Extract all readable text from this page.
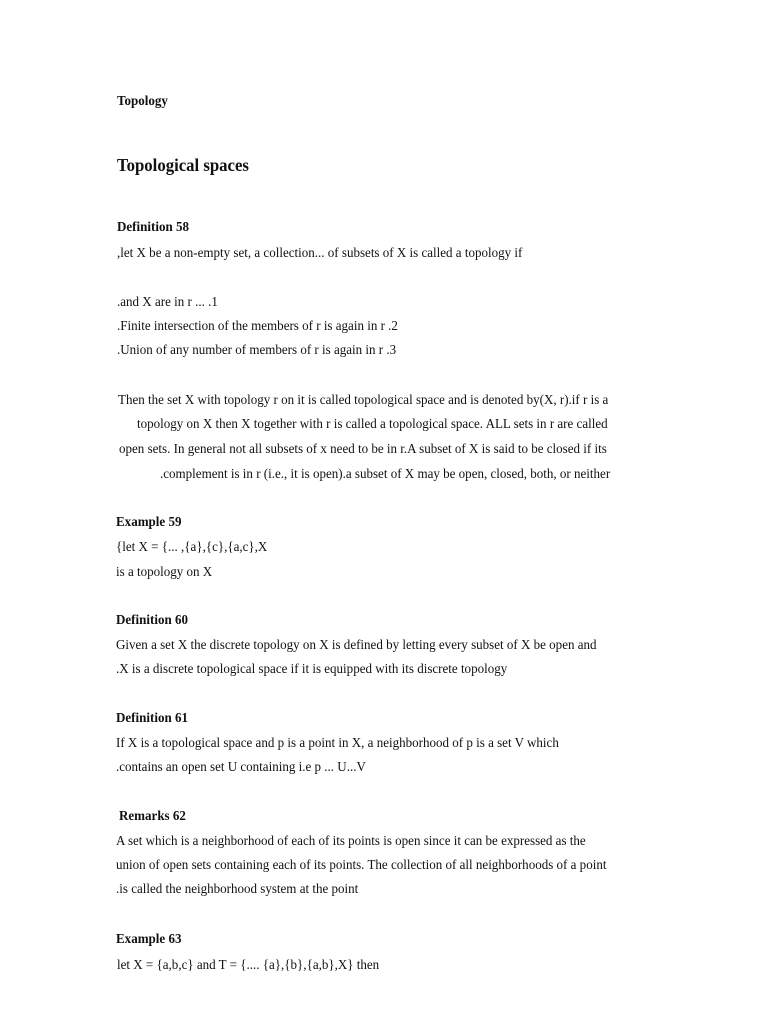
Topology

Topological spaces

Definition 58

,let X be a non-empty set, a collection... of subsets of X is called a topology if

.and X are in r ... .1

.Finite intersection of the members of r is again in r .2

.Union of any number of members of r is again in r .3

Then the set X with topology r on it is called topological space and is denoted by(X, r).if r is a

topology on X then X together with r is called a topological space. ALL sets in r are called

open sets. In general not all subsets of x need to be in r.A subset of X is said to be closed if its

.complement is in r (i.e., it is open).a subset of X may be open, closed, both, or neither

Example 59

{let X = {... ,{a},{c},{a,c},X

is a topology on X

Definition 60

Given a set X the discrete topology on X is defined by letting every subset of X be open and

.X is a discrete topological space if it is equipped with its discrete topology

Definition 61

If X is a topological space and p is a point in X, a neighborhood of p is a set V which

.contains an open set U containing i.e p ... U...V

Remarks 62

A set which is a neighborhood of each of its points is open since it can be expressed as the

union of open sets containing each of its points. The collection of all neighborhoods of a point

.is called the neighborhood system at the point

Example 63

let X = {a,b,c} and T = {.... {a},{b},{a,b},X} then
